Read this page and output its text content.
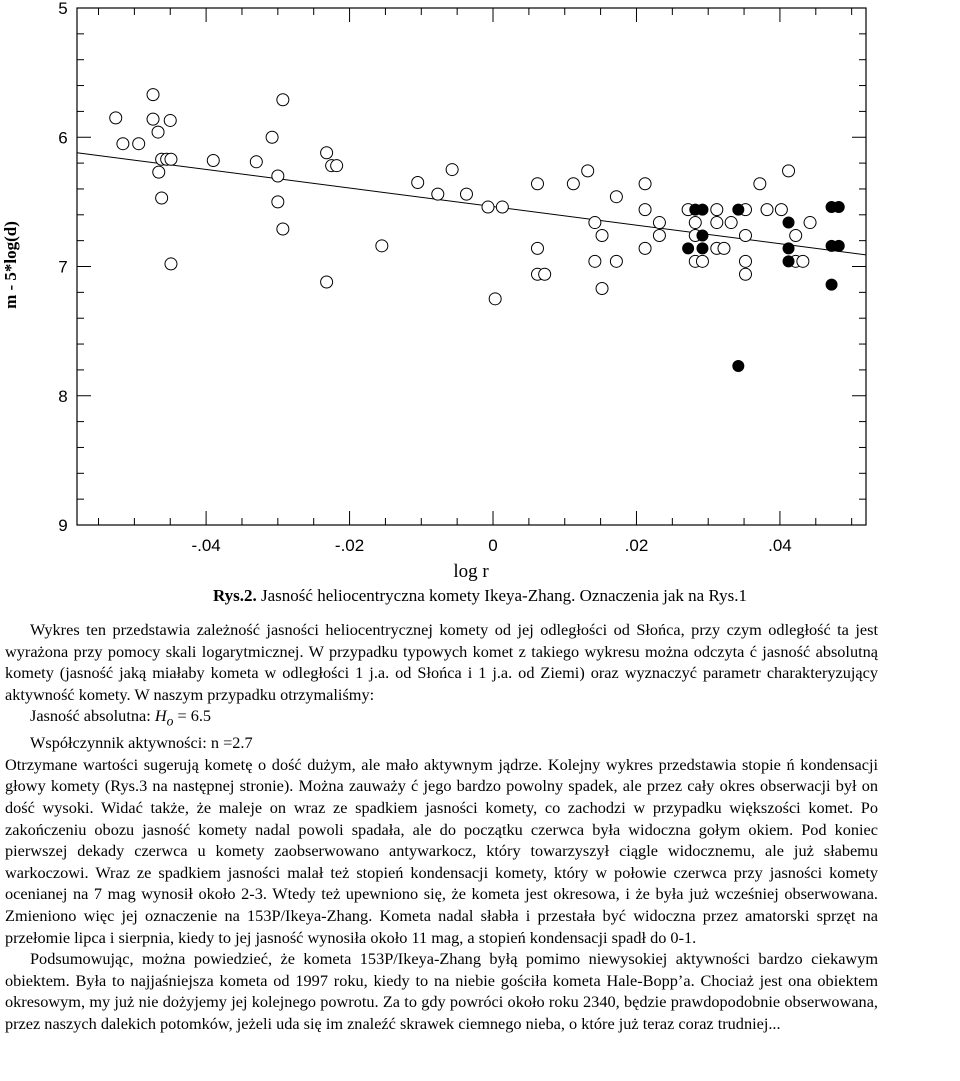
-.04	-.02	0	.02	.04
5
6
7
8
9
log r
m - 5*log(d)
Rys.2. Jasność heliocentryczna komety Ikeya-Zhang. Oznaczenia jak na Rys.1

Wykres ten przedstawia zależność jasności heliocentrycznej komety od jej odległości od Słońca, przy czym odległość ta jest wyrażona przy pomocy skali logarytmicznej. W przypadku typowych komet z takiego wykresu można odczyta ć jasność absolutną komety (jasność jaką miałaby kometa w odległości 1 j.a. od Słońca i 1 j.a. od Ziemi) oraz wyznaczyć parametr charakteryzujący aktywność komety. W naszym przypadku otrzymaliśmy:

Jasność absolutna: $H_o = 6.5$

Współczynnik aktywności: n =2.7

Otrzymane wartości sugerują kometę o dość dużym, ale mało aktywnym jądrze. Kolejny wykres przedstawia stopie ń kondensacji głowy komety (Rys.3 na następnej stronie). Można zauważy ć jego bardzo powolny spadek, ale przez cały okres obserwacji był on dość wysoki. Widać także, że maleje on wraz ze spadkiem jasności komety, co zachodzi w przypadku większości komet. Po zakończeniu obozu jasność komety nadal powoli spadała, ale do początku czerwca była widoczna gołym okiem. Pod koniec pierwszej dekady czerwca u komety zaobserwowano antywarkocz, który towarzyszył ciągle widocznemu, ale już słabemu warkoczowi. Wraz ze spadkiem jasności malał też stopień kondensacji komety, który w połowie czerwca przy jasności komety ocenianej na 7 mag wynosił około 2-3. Wtedy też upewniono się, że kometa jest okresowa, i że była już wcześniej obserwowana. Zmieniono więc jej oznaczenie na 153P/Ikeya-Zhang. Kometa nadal słabła i przestała być widoczna przez amatorski sprzęt na przełomie lipca i sierpnia, kiedy to jej jasność wynosiła około 11 mag, a stopień kondensacji spadł do 0-1.

Podsumowując, można powiedzieć, że kometa 153P/Ikeya-Zhang byłą pomimo niewysokiej aktywności bardzo ciekawym obiektem. Była to najjaśniejsza kometa od 1997 roku, kiedy to na niebie gościła kometa Hale-Bopp’a. Chociaż jest ona obiektem okresowym, my już nie dożyjemy jej kolejnego powrotu. Za to gdy powróci około roku 2340, będzie prawdopodobnie obserwowana, przez naszych dalekich potomków, jeżeli uda się im znaleźć skrawek ciemnego nieba, o które już teraz coraz trudniej...
